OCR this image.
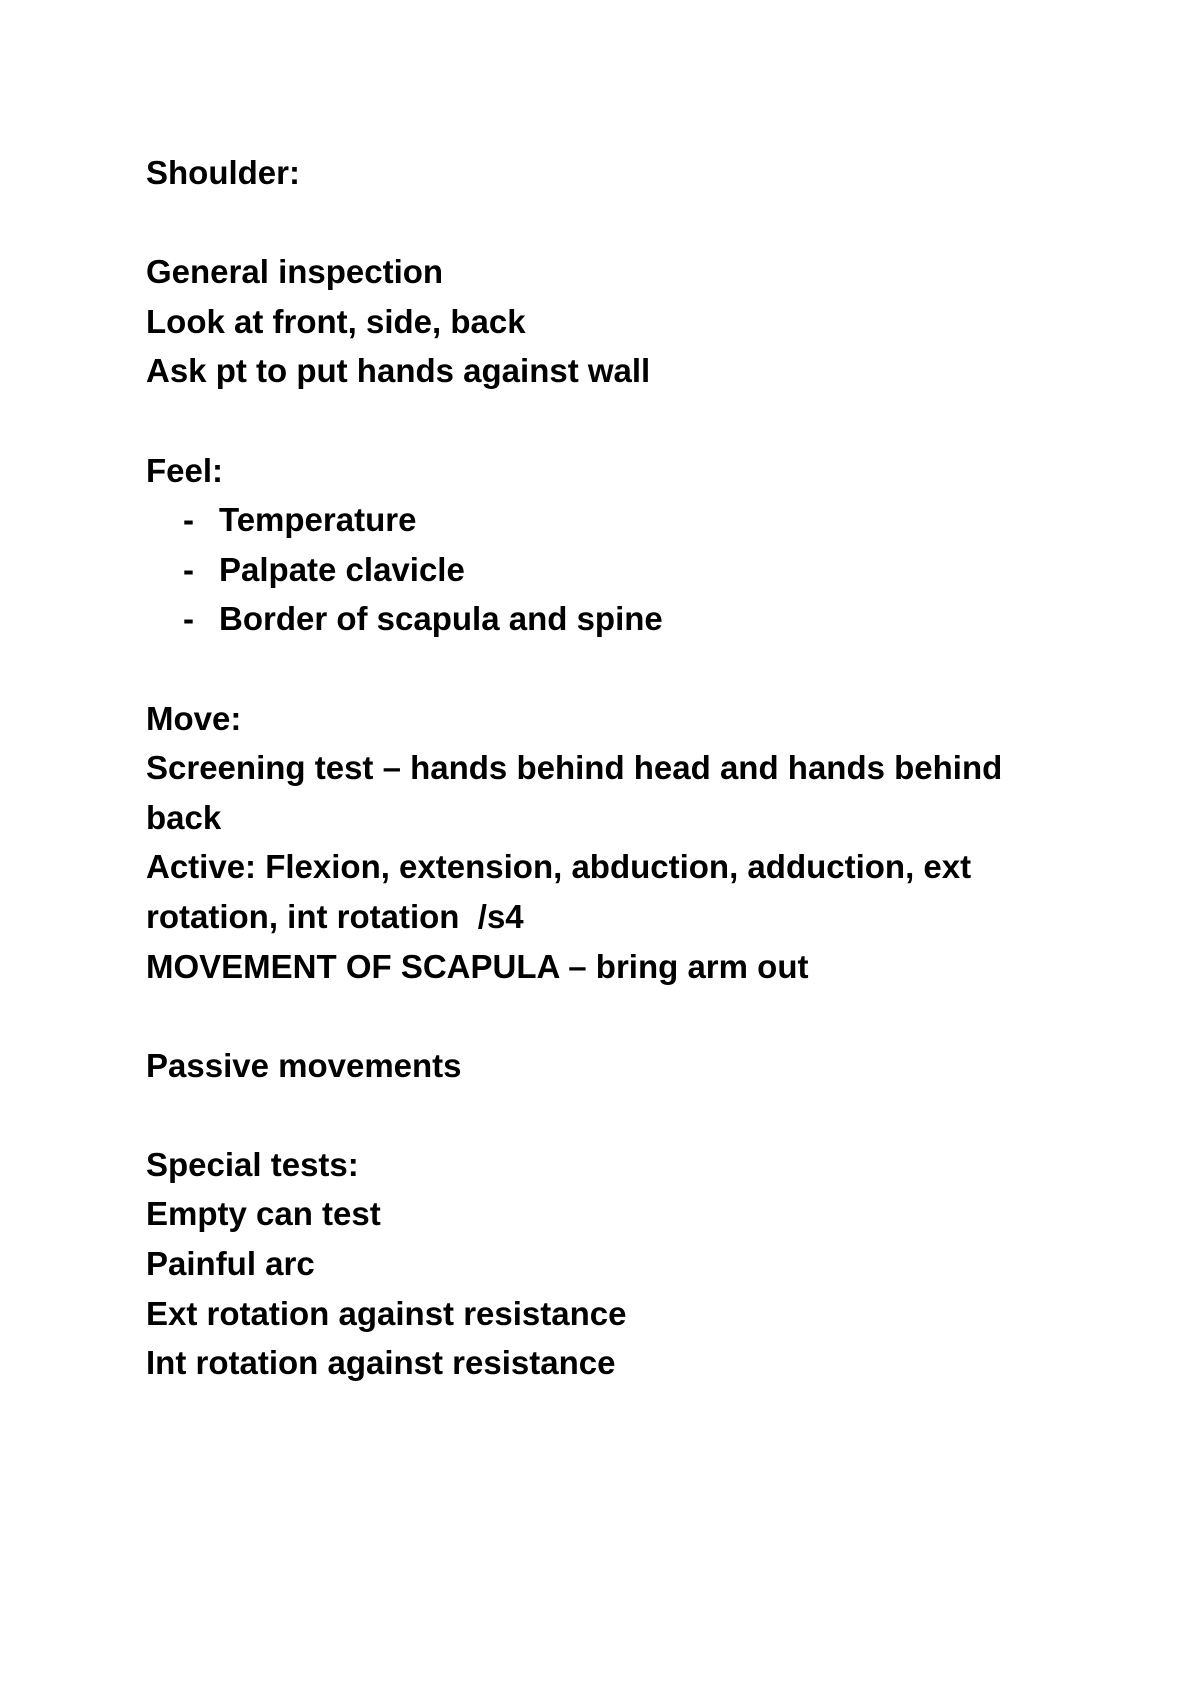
Shoulder:
General inspection
Look at front, side, back
Ask pt to put hands against wall
Feel:
- Temperature
- Palpate clavicle
- Border of scapula and spine
Move:
Screening test – hands behind head and hands behind back
Active: Flexion, extension, abduction, adduction, ext rotation, int rotation  /s4
MOVEMENT OF SCAPULA – bring arm out
Passive movements
Special tests:
Empty can test
Painful arc
Ext rotation against resistance
Int rotation against resistance
